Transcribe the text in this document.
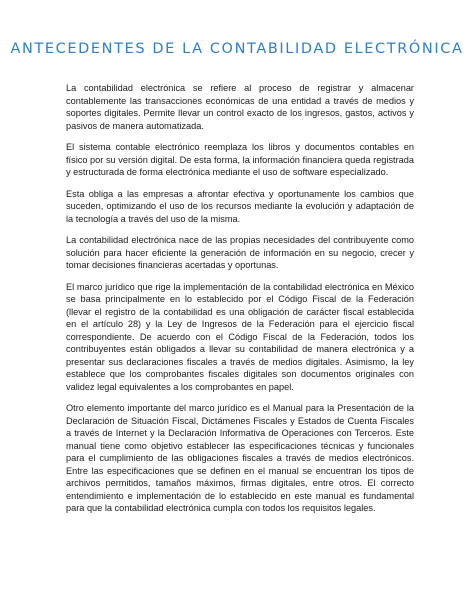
ANTECEDENTES DE LA CONTABILIDAD ELECTRÓNICA

La contabilidad electrónica se refiere al proceso de registrar y almacenar contablemente las transacciones económicas de una entidad a través de medios y soportes digitales. Permite llevar un control exacto de los ingresos, gastos, activos y pasivos de manera automatizada.

El sistema contable electrónico reemplaza los libros y documentos contables en físico por su versión digital. De esta forma, la información financiera queda registrada y estructurada de forma electrónica mediante el uso de software especializado.

Esta obliga a las empresas a afrontar efectiva y oportunamente los cambios que suceden, optimizando el uso de los recursos mediante la evolución y adaptación de la tecnología a través del uso de la misma.

La contabilidad electrónica nace de las propias necesidades del contribuyente como solución para hacer eficiente la generación de información en su negocio, crecer y tomar decisiones financieras acertadas y oportunas.

El marco jurídico que rige la implementación de la contabilidad electrónica en México se basa principalmente en lo establecido por el Código Fiscal de la Federación (llevar el registro de la contabilidad es una obligación de carácter fiscal establecida en el artículo 28) y la Ley de Ingresos de la Federación para el ejercicio fiscal correspondiente. De acuerdo con el Código Fiscal de la Federación, todos los contribuyentes están obligados a llevar su contabilidad de manera electrónica y a presentar sus declaraciones fiscales a través de medios digitales. Asimismo, la ley establece que los comprobantes fiscales digitales son documentos originales con validez legal equivalentes a los comprobantes en papel.

Otro elemento importante del marco jurídico es el Manual para la Presentación de la Declaración de Situación Fiscal, Dictámenes Fiscales y Estados de Cuenta Fiscales a través de Internet y la Declaración Informativa de Operaciones con Terceros. Este manual tiene como objetivo establecer las especificaciones técnicas y funcionales para el cumplimiento de las obligaciones fiscales a través de medios electrónicos. Entre las especificaciones que se definen en el manual se encuentran los tipos de archivos permitidos, tamaños máximos, firmas digitales, entre otros. El correcto entendimiento e implementación de lo establecido en este manual es fundamental para que la contabilidad electrónica cumpla con todos los requisitos legales.
